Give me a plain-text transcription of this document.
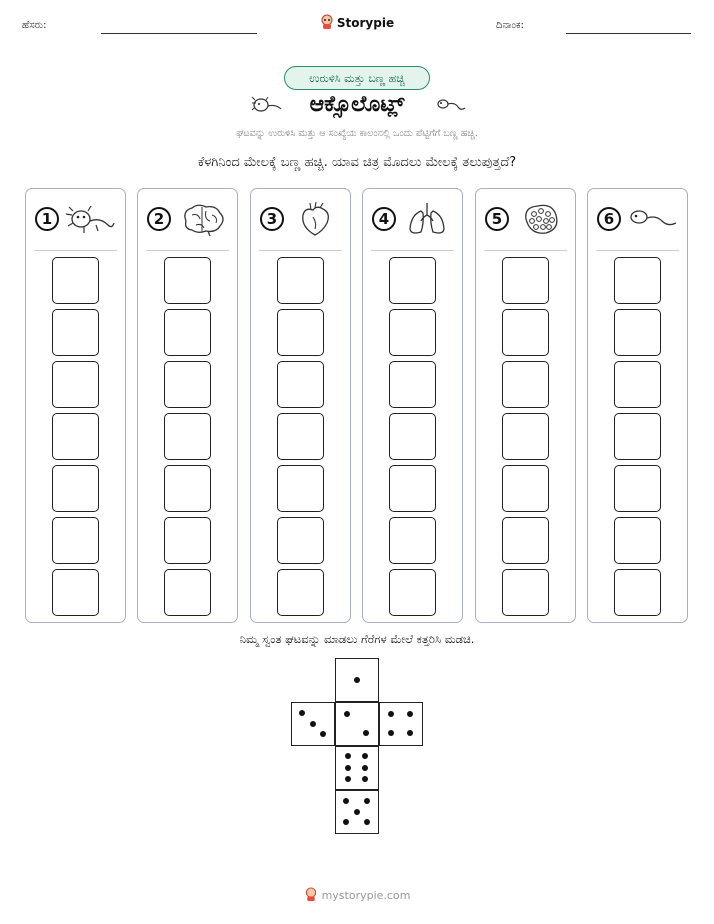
ಹೆಸರು:	Storypie	ದಿನಾಂಕ:
ಉರುಳಿಸಿ ಮತ್ತು ಬಣ್ಣ ಹಚ್ಚಿ
ಆಕ್ಸೊಲೊಟ್ಲ್
ಘಟವನ್ನು ಉರುಳಿಸಿ ಮತ್ತು ಆ ಸಂಖ್ಯೆಯ ಕಾಲಂನಲ್ಲಿ ಒಂದು ಪೆಟ್ಟಿಗೆಗೆ ಬಣ್ಣ ಹಚ್ಚಿ.
ಕೆಳಗಿನಿಂದ ಮೇಲಕ್ಕೆ ಬಣ್ಣ ಹಚ್ಚಿ. ಯಾವ ಚಿತ್ರ ಮೊದಲು ಮೇಲಕ್ಕೆ ತಲುಪುತ್ತದೆ?
1	2	3	4	5	6
ನಿಮ್ಮ ಸ್ವಂತ ಘಟವನ್ನು ಮಾಡಲು ಗೆರೆಗಳ ಮೇಲೆ ಕತ್ತರಿಸಿ ಮಡಚಿ.
mystorypie.com
